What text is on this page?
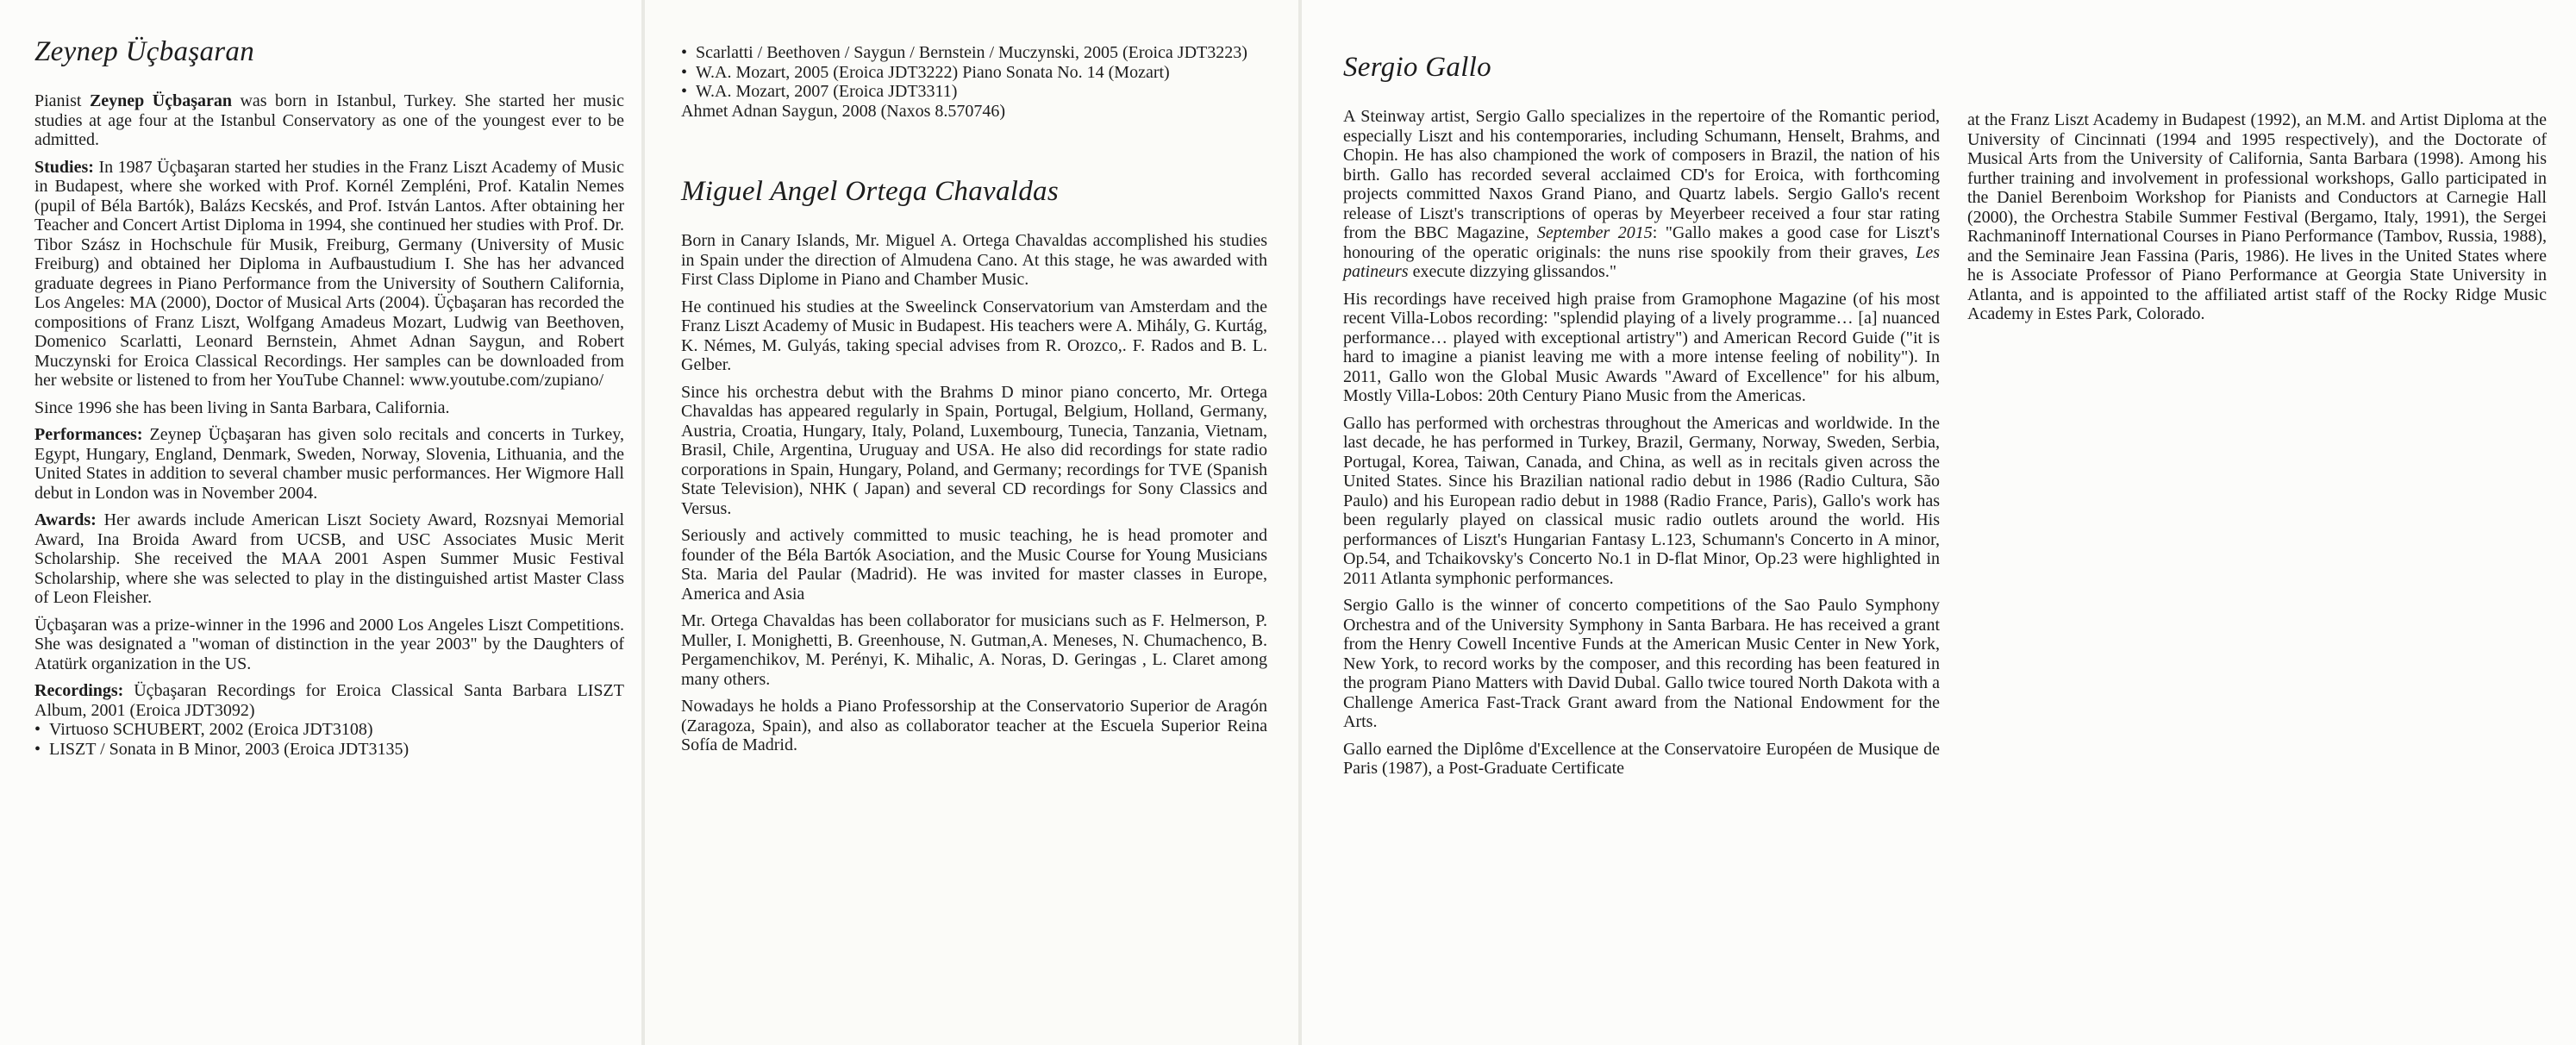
Zeynep Üçbaşaran

Pianist Zeynep Üçbaşaran was born in Istanbul, Turkey. She started her music studies at age four at the Istanbul Conservatory as one of the youngest ever to be admitted.

Studies: In 1987 Üçbaşaran started her studies in the Franz Liszt Academy of Music in Budapest, where she worked with Prof. Kornél Zempléni, Prof. Katalin Nemes (pupil of Béla Bartók), Balázs Kecskés, and Prof. István Lantos. After obtaining her Teacher and Concert Artist Diploma in 1994, she continued her studies with Prof. Dr. Tibor Szász in Hochschule für Musik, Freiburg, Germany (University of Music Freiburg) and obtained her Diploma in Aufbaustudium I. She has her advanced graduate degrees in Piano Performance from the University of Southern California, Los Angeles: MA (2000), Doctor of Musical Arts (2004). Üçbaşaran has recorded the compositions of Franz Liszt, Wolfgang Amadeus Mozart, Ludwig van Beethoven, Domenico Scarlatti, Leonard Bernstein, Ahmet Adnan Saygun, and Robert Muczynski for Eroica Classical Recordings. Her samples can be downloaded from her website or listened to from her YouTube Channel: www.youtube.com/zupiano/

Since 1996 she has been living in Santa Barbara, California.

Performances: Zeynep Üçbaşaran has given solo recitals and concerts in Turkey, Egypt, Hungary, England, Denmark, Sweden, Norway, Slovenia, Lithuania, and the United States in addition to several chamber music performances. Her Wigmore Hall debut in London was in November 2004.

Awards: Her awards include American Liszt Society Award, Rozsnyai Memorial Award, Ina Broida Award from UCSB, and USC Associates Music Merit Scholarship. She received the MAA 2001 Aspen Summer Music Festival Scholarship, where she was selected to play in the distinguished artist Master Class of Leon Fleisher.

Üçbaşaran was a prize-winner in the 1996 and 2000 Los Angeles Liszt Competitions. She was designated a "woman of distinction in the year 2003" by the Daughters of Atatürk organization in the US.

Recordings: Üçbaşaran Recordings for Eroica Classical Santa Barbara LISZT Album, 2001 (Eroica JDT3092)
•  Virtuoso SCHUBERT, 2002 (Eroica JDT3108)
•  LISZT / Sonata in B Minor, 2003 (Eroica JDT3135)

•  Scarlatti / Beethoven / Saygun / Bernstein / Muczynski, 2005 (Eroica JDT3223)
•  W.A. Mozart, 2005 (Eroica JDT3222) Piano Sonata No. 14 (Mozart)
•  W.A. Mozart, 2007 (Eroica JDT3311)
Ahmet Adnan Saygun, 2008 (Naxos 8.570746)

Miguel Angel Ortega Chavaldas

Born in Canary Islands, Mr. Miguel A. Ortega Chavaldas accomplished his studies in Spain under the direction of Almudena Cano. At this stage, he was awarded with First Class Diplome in Piano and Chamber Music.

He continued his studies at the Sweelinck Conservatorium van Amsterdam and the Franz Liszt Academy of Music in Budapest. His teachers were A. Mihály, G. Kurtág, K. Némes, M. Gulyás, taking special advises from R. Orozco,. F. Rados and B. L. Gelber.

Since his orchestra debut with the Brahms D minor piano concerto, Mr. Ortega Chavaldas has appeared regularly in Spain, Portugal, Belgium, Holland, Germany, Austria, Croatia, Hungary, Italy, Poland, Luxembourg, Tunecia, Tanzania, Vietnam, Brasil, Chile, Argentina, Uruguay and USA. He also did recordings for state radio corporations in Spain, Hungary, Poland, and Germany; recordings for TVE (Spanish State Television), NHK ( Japan) and several CD recordings for Sony Classics and Versus.

Seriously and actively committed to music teaching, he is head promoter and founder of the Béla Bartók Asociation, and the Music Course for Young Musicians Sta. Maria del Paular (Madrid). He was invited for master classes in Europe, America and Asia

Mr. Ortega Chavaldas has been collaborator for musicians such as F. Helmerson, P. Muller, I. Monighetti, B. Greenhouse, N. Gutman,A. Meneses, N. Chumachenco, B. Pergamenchikov, M. Perényi, K. Mihalic, A. Noras, D. Geringas , L. Claret among many others.

Nowadays he holds a Piano Professorship at the Conservatorio Superior de Aragón (Zaragoza, Spain), and also as collaborator teacher at the Escuela Superior Reina Sofía de Madrid.

Sergio Gallo

A Steinway artist, Sergio Gallo specializes in the repertoire of the Romantic period, especially Liszt and his contemporaries, including Schumann, Henselt, Brahms, and Chopin. He has also championed the work of composers in Brazil, the nation of his birth. Gallo has recorded several acclaimed CD's for Eroica, with forthcoming projects committed Naxos Grand Piano, and Quartz labels. Sergio Gallo's recent release of Liszt's transcriptions of operas by Meyerbeer received a four star rating from the BBC Magazine, September 2015: "Gallo makes a good case for Liszt's honouring of the operatic originals: the nuns rise spookily from their graves, Les patineurs execute dizzying glissandos."

His recordings have received high praise from Gramophone Magazine (of his most recent Villa-Lobos recording: "splendid playing of a lively programme… [a] nuanced performance… played with exceptional artistry") and American Record Guide ("it is hard to imagine a pianist leaving me with a more intense feeling of nobility"). In 2011, Gallo won the Global Music Awards "Award of Excellence" for his album, Mostly Villa-Lobos: 20th Century Piano Music from the Americas.

Gallo has performed with orchestras throughout the Americas and worldwide. In the last decade, he has performed in Turkey, Brazil, Germany, Norway, Sweden, Serbia, Portugal, Korea, Taiwan, Canada, and China, as well as in recitals given across the United States. Since his Brazilian national radio debut in 1986 (Radio Cultura, São Paulo) and his European radio debut in 1988 (Radio France, Paris), Gallo's work has been regularly played on classical music radio outlets around the world. His performances of Liszt's Hungarian Fantasy L.123, Schumann's Concerto in A minor, Op.54, and Tchaikovsky's Concerto No.1 in D-flat Minor, Op.23 were highlighted in 2011 Atlanta symphonic performances.

Sergio Gallo is the winner of concerto competitions of the Sao Paulo Symphony Orchestra and of the University Symphony in Santa Barbara. He has received a grant from the Henry Cowell Incentive Funds at the American Music Center in New York, New York, to record works by the composer, and this recording has been featured in the program Piano Matters with David Dubal. Gallo twice toured North Dakota with a Challenge America Fast-Track Grant award from the National Endowment for the Arts.

Gallo earned the Diplôme d'Excellence at the Conservatoire Européen de Musique de Paris (1987), a Post-Graduate Certificate

at the Franz Liszt Academy in Budapest (1992), an M.M. and Artist Diploma at the University of Cincinnati (1994 and 1995 respectively), and the Doctorate of Musical Arts from the University of California, Santa Barbara (1998). Among his further training and involvement in professional workshops, Gallo participated in the Daniel Berenboim Workshop for Pianists and Conductors at Carnegie Hall (2000), the Orchestra Stabile Summer Festival (Bergamo, Italy, 1991), the Sergei Rachmaninoff International Courses in Piano Performance (Tambov, Russia, 1988), and the Seminaire Jean Fassina (Paris, 1986). He lives in the United States where he is Associate Professor of Piano Performance at Georgia State University in Atlanta, and is appointed to the affiliated artist staff of the Rocky Ridge Music Academy in Estes Park, Colorado.
